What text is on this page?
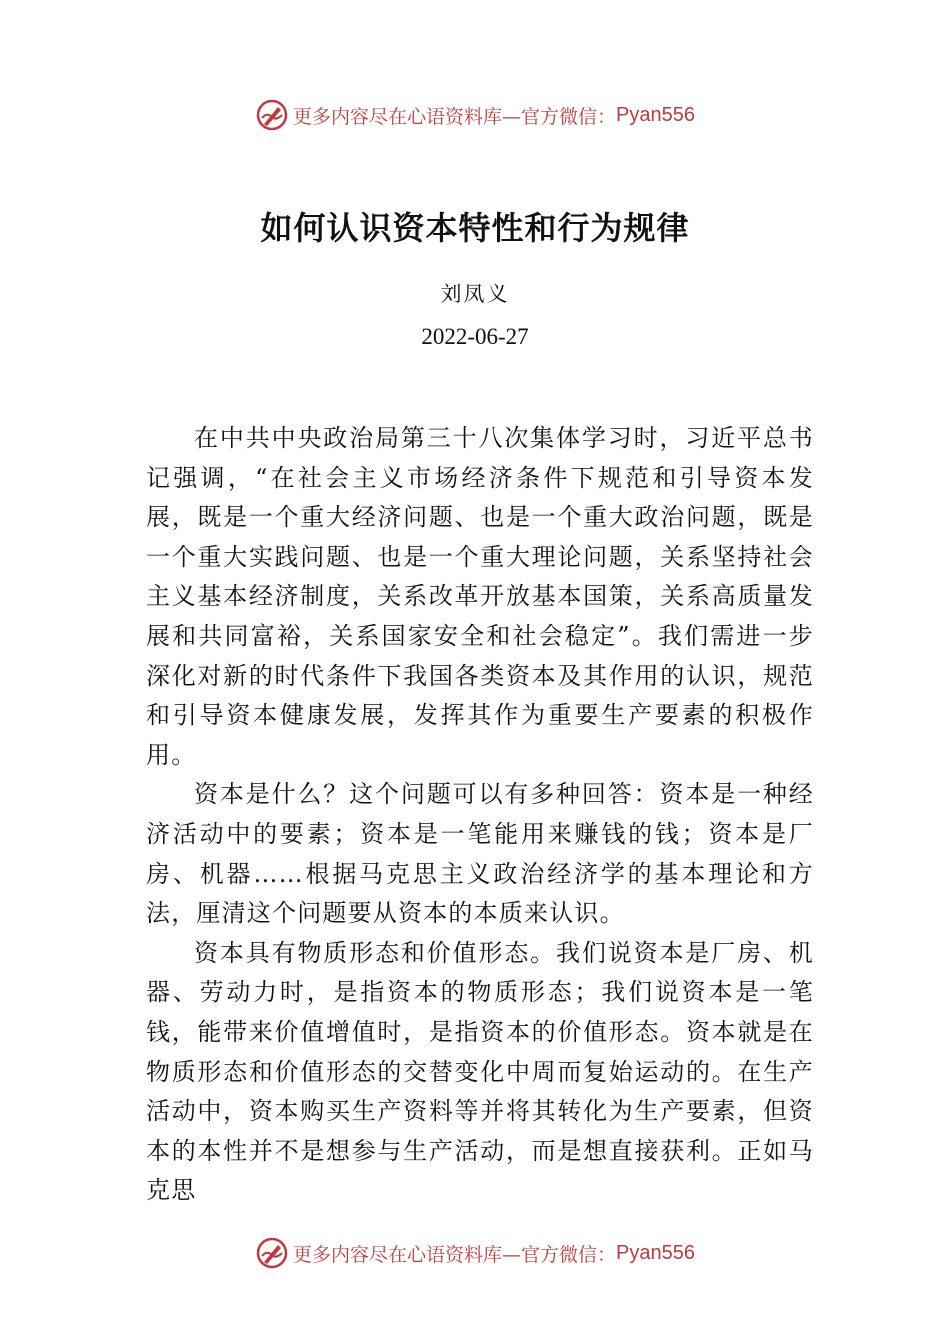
更多内容尽在心语资料库—官方微信： Pyan556
如何认识资本特性和行为规律
刘凤义
2022-06-27

在中共中央政治局第三十八次集体学习时，习近平总书记强调，“在社会主义市场经济条件下规范和引导资本发展，既是一个重大经济问题、也是一个重大政治问题，既是一个重大实践问题、也是一个重大理论问题，关系坚持社会主义基本经济制度，关系改革开放基本国策，关系高质量发展和共同富裕，关系国家安全和社会稳定”。我们需进一步深化对新的时代条件下我国各类资本及其作用的认识，规范和引导资本健康发展，发挥其作为重要生产要素的积极作用。

资本是什么？这个问题可以有多种回答：资本是一种经济活动中的要素；资本是一笔能用来赚钱的钱；资本是厂房、机器……根据马克思主义政治经济学的基本理论和方法，厘清这个问题要从资本的本质来认识。

资本具有物质形态和价值形态。我们说资本是厂房、机器、劳动力时，是指资本的物质形态；我们说资本是一笔钱，能带来价值增值时，是指资本的价值形态。资本就是在物质形态和价值形态的交替变化中周而复始运动的。在生产活动中，资本购买生产资料等并将其转化为生产要素，但资本的本性并不是想参与生产活动，而是想直接获利。正如马克思

更多内容尽在心语资料库—官方微信： Pyan556
